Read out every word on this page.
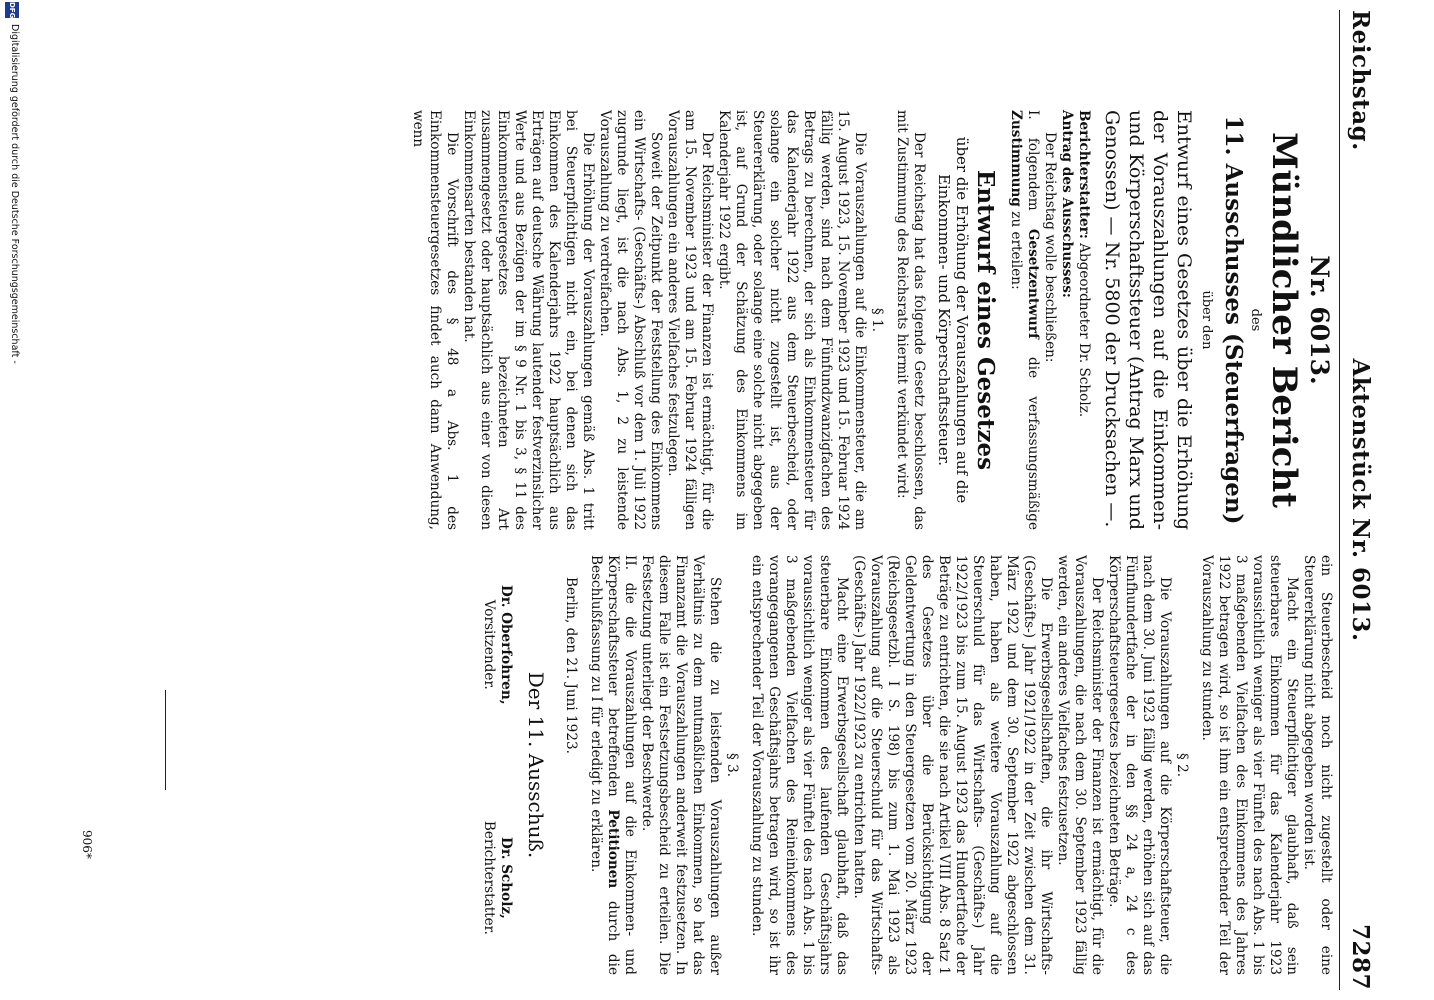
Reichstag.
Aktenstück Nr. 6013.
7287
Nr. 6013.
Mündlicher Bericht
des
11. Ausschusses (Steuerfragen)
über den
Entwurf eines Gesetzes über die Erhöhung der Vorauszahlungen auf die Einkommen- und Körperschaftssteuer (Antrag Marx und Genossen) — Nr. 5800 der Drucksachen —.

Berichterstatter: Abgeordneter Dr. Scholz.

Antrag des Ausschusses:

Der Reichstag wolle beschließen:

I. folgendem Gesetzentwurf die verfassungsmäßige Zustimmung zu erteilen:

Entwurf eines Gesetzes

über die Erhöhung der Vorauszahlungen auf die Einkommen- und Körperschaftssteuer.

Der Reichstag hat das folgende Gesetz beschlossen, das mit Zustimmung des Reichsrats hiermit verkündet wird:

§ 1.

Die Vorauszahlungen auf die Einkommensteuer, die am 15. August 1923, 15. November 1923 und 15. Februar 1924 fällig werden, sind nach dem Fünfundzwanzigfachen des Betrags zu berechnen, der sich als Einkommensteuer für das Kalenderjahr 1922 aus dem Steuerbescheid, oder solange ein solcher nicht zugestellt ist, aus der Steuererklärung, oder solange eine solche nicht abgegeben ist, auf Grund der Schätzung des Einkommens im Kalenderjahr 1922 ergibt.

Der Reichsminister der Finanzen ist ermächtigt, für die am 15. November 1923 und am 15. Februar 1924 fälligen Vorauszahlungen ein anderes Vielfaches festzulegen.

Soweit der Zeitpunkt der Feststellung des Einkommens ein Wirtschafts- (Geschäfts-) Abschluß vor dem 1. Juli 1922 zugrunde liegt, ist die nach Abs. 1, 2 zu leistende Vorauszahlung zu verdreifachen.

Die Erhöhung der Vorauszahlungen gemäß Abs. 1 tritt bei Steuerpflichtigen nicht ein, bei denen sich das Einkommen des Kalenderjahrs 1922 hauptsächlich aus Erträgen auf deutsche Währung lautender festverzinslicher Werte und aus Bezügen der im § 9 Nr. 1 bis 3, § 11 des Einkommensteuergesetzes bezeichneten Art zusammengesetzt oder hauptsächlich aus einer von diesen Einkommensarten bestanden hat.

Die Vorschrift des § 48 a Abs. 1 des Einkommensteuergesetzes findet auch dann Anwendung, wenn

ein Steuerbescheid noch nicht zugestellt oder eine Steuererklärung nicht abgegeben worden ist.

Macht ein Steuerpflichtiger glaubhaft, daß sein steuerbares Einkommen für das Kalenderjahr 1923 voraussichtlich weniger als vier Fünftel des nach Abs. 1 bis 3 maßgebenden Vielfachen des Einkommens des Jahres 1922 betragen wird, so ist ihm ein entsprechender Teil der Vorauszahlung zu stunden.

§ 2.

Die Vorauszahlungen auf die Körperschaftsteuer, die nach dem 30. Juni 1923 fällig werden, erhöhen sich auf das Fünfhundertfache der in den §§ 24 a, 24 c des Körperschaftsteuergesetzes bezeichneten Beträge.

Der Reichsminister der Finanzen ist ermächtigt, für die Vorauszahlungen, die nach dem 30. September 1923 fällig werden, ein anderes Vielfaches festzusetzen.

Die Erwerbsgesellschaften, die ihr Wirtschafts- (Geschäfts-) Jahr 1921/1922 in der Zeit zwischen dem 31. März 1922 und dem 30. September 1922 abgeschlossen haben, haben als weitere Vorauszahlung auf die Steuerschuld für das Wirtschafts- (Geschäfts-) Jahr 1922/1923 bis zum 15. August 1923 das Hundertfache der Beträge zu entrichten, die sie nach Artikel VIII Abs. 8 Satz 1 des Gesetzes über die Berücksichtigung der Geldentwertung in den Steuergesetzen vom 20. März 1923 (Reichsgesetzbl. I S. 198) bis zum 1. Mai 1923 als Vorauszahlung auf die Steuerschuld für das Wirtschafts- (Geschäfts-) Jahr 1922/1923 zu entrichten hatten.

Macht eine Erwerbsgesellschaft glaubhaft, daß das steuerbare Einkommen des laufenden Geschäftsjahrs voraussichtlich weniger als vier Fünftel des nach Abs. 1 bis 3 maßgebenden Vielfachen des Reineinkommens des vorangegangenen Geschäftsjahrs betragen wird, so ist ihr ein entsprechender Teil der Vorauszahlung zu stunden.

§ 3.

Stehen die zu leistenden Vorauszahlungen außer Verhältnis zu dem mutmaßlichen Einkommen, so hat das Finanzamt die Vorauszahlungen anderweit festzusetzen. In diesem Falle ist ein Festsetzungsbescheid zu erteilen. Die Festsetzung unterliegt der Beschwerde.

II. die die Vorauszahlungen auf die Einkommen- und Körperschaftssteuer betreffenden Petitionen durch die Beschlußfassung zu I für erledigt zu erklären.

Berlin, den 21. Juni 1923.

Der 11. Ausschuß.
Dr. Oberfohren,
Vorsitzender.
Dr. Scholz,
Berichterstatter.
906*
DFG
Digitalisierung gefördert durch die Deutsche Forschungsgemeinschaft -
